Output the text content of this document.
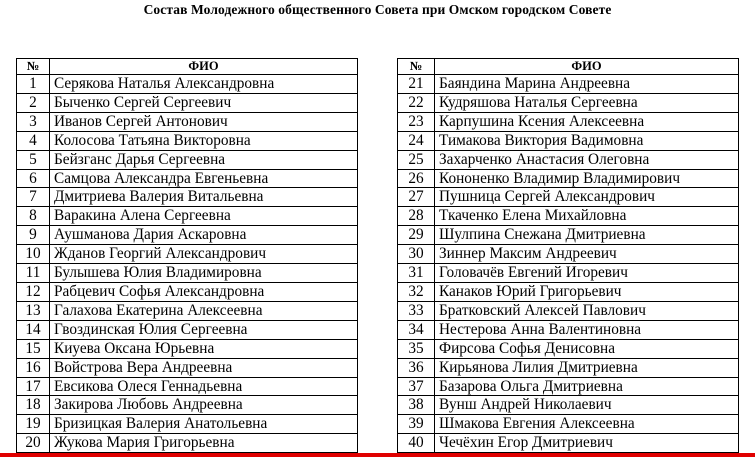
Состав Молодежного общественного Совета при Омском городском Совете
№	ФИО
1	Серякова Наталья Александровна
2	Быченко Сергей Сергеевич
3	Иванов Сергей Антонович
4	Колосова Татьяна Викторовна
5	Бейзганс Дарья Сергеевна
6	Самцова Александра Евгеньевна
7	Дмитриева Валерия Витальевна
8	Варакина Алена Сергеевна
9	Аушманова Дария Аскаровна
10	Жданов Георгий Александрович
11	Булышева Юлия Владимировна
12	Рабцевич Софья Александровна
13	Галахова Екатерина Алексеевна
14	Гвоздинская Юлия Сергеевна
15	Киуева Оксана Юрьевна
16	Войстрова Вера Андреевна
17	Евсикова Олеся Геннадьевна
18	Закирова Любовь Андреевна
19	Бризицкая Валерия Анатольевна
20	Жукова Мария Григорьевна
№	ФИО
21	Баяндина Марина Андреевна
22	Кудряшова Наталья Сергеевна
23	Карпушина Ксения Алексеевна
24	Тимакова Виктория Вадимовна
25	Захарченко Анастасия Олеговна
26	Кононенко Владимир Владимирович
27	Пушница Сергей Александрович
28	Ткаченко Елена Михайловна
29	Шулпина Снежана Дмитриевна
30	Зиннер Максим Андреевич
31	Головачёв Евгений Игоревич
32	Канаков Юрий Григорьевич
33	Братковский Алексей Павлович
34	Нестерова Анна Валентиновна
35	Фирсова Софья Денисовна
36	Кирьянова Лилия Дмитриевна
37	Базарова Ольга Дмитриевна
38	Вунш Андрей Николаевич
39	Шмакова Евгения Алексеевна
40	Чечёхин Егор Дмитриевич
